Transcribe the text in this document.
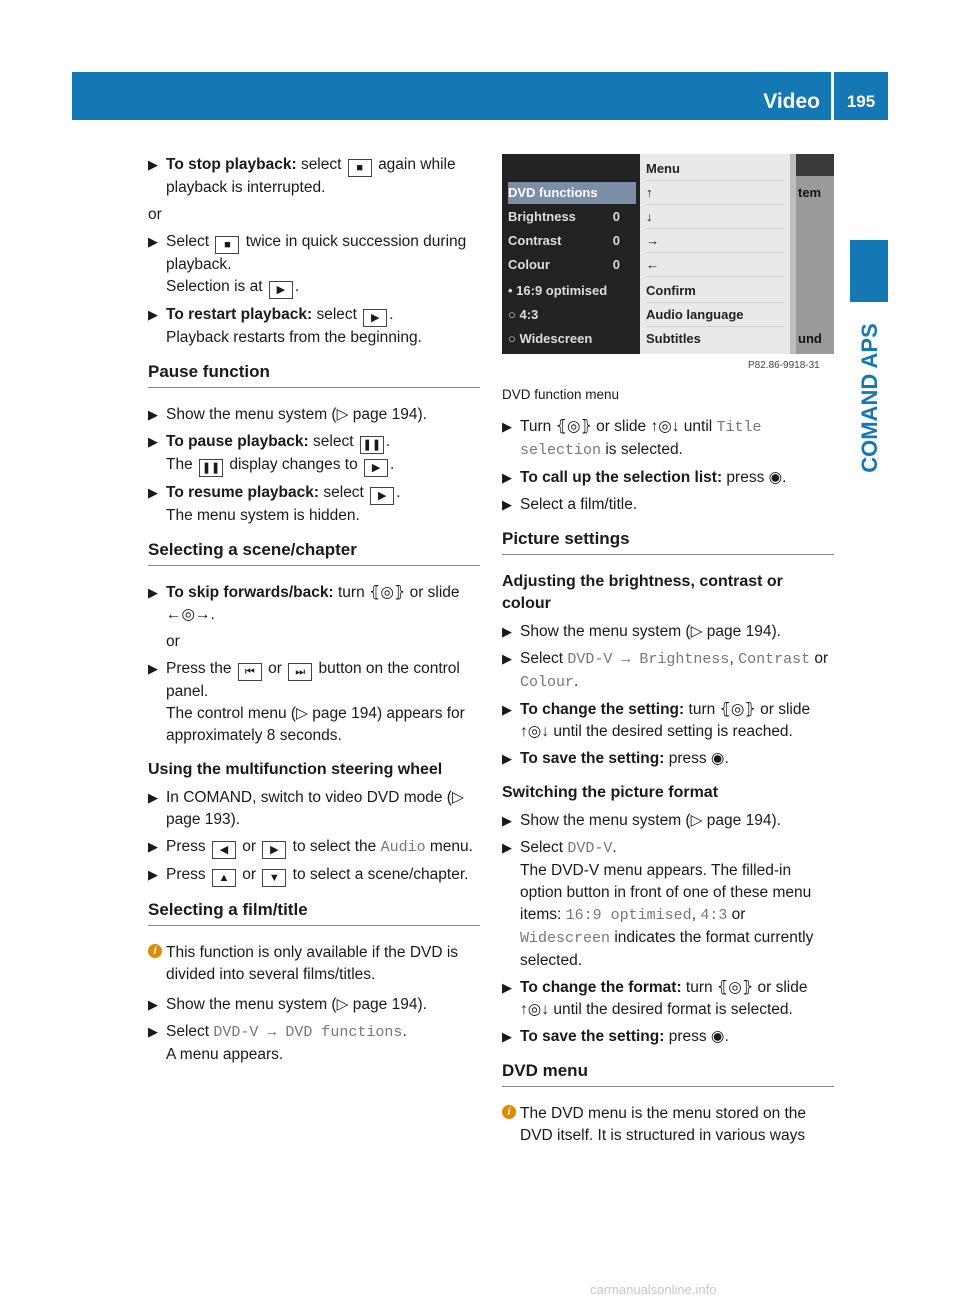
Video	195
COMAND APS
▶ To stop playback: select ■ again while playback is interrupted.
or
▶ Select ■ twice in quick succession during playback.
Selection is at ▶ .
▶ To restart playback: select ▶ .
Playback restarts from the beginning.
Pause function
▶ Show the menu system (▷ page 194).
▶ To pause playback: select ❚❚ .
The ❚❚ display changes to ▶ .
▶ To resume playback: select ▶ .
The menu system is hidden.
Selecting a scene/chapter
▶ To skip forwards/back: turn ⦃◎⦄ or slide ←◎→.
or
▶ Press the ⏮ or ⏭ button on the control panel.
The control menu (▷ page 194) appears for approximately 8 seconds.
Using the multifunction steering wheel
▶ In COMAND, switch to video DVD mode (▷ page 193).
▶ Press ◀ or ▶ to select the Audio menu.
▶ Press ▲ or ▼ to select a scene/chapter.
Selecting a film/title
i This function is only available if the DVD is divided into several films/titles.
▶ Show the menu system (▷ page 194).
▶ Select DVD-V → DVD functions.
A menu appears.
DVD functions
Brightness	0
Contrast	0
Colour	0
• 16:9 optimised
○ 4:3
○ Widescreen
Menu
↑
↓
→
←
Confirm
Audio language
Subtitles
tem
und
P82.86-9918-31
DVD function menu
▶ Turn ⦃◎⦄ or slide ↑◎↓ until Title selection is selected.
▶ To call up the selection list: press ◉.
▶ Select a film/title.
Picture settings
Adjusting the brightness, contrast or colour
▶ Show the menu system (▷ page 194).
▶ Select DVD-V → Brightness, Contrast or Colour.
▶ To change the setting: turn ⦃◎⦄ or slide ↑◎↓ until the desired setting is reached.
▶ To save the setting: press ◉.
Switching the picture format
▶ Show the menu system (▷ page 194).
▶ Select DVD-V.
The DVD-V menu appears. The filled-in option button in front of one of these menu items: 16:9 optimised, 4:3 or Widescreen indicates the format currently selected.
▶ To change the format: turn ⦃◎⦄ or slide ↑◎↓ until the desired format is selected.
▶ To save the setting: press ◉.
DVD menu
i The DVD menu is the menu stored on the DVD itself. It is structured in various ways
carmanualsonline.info
